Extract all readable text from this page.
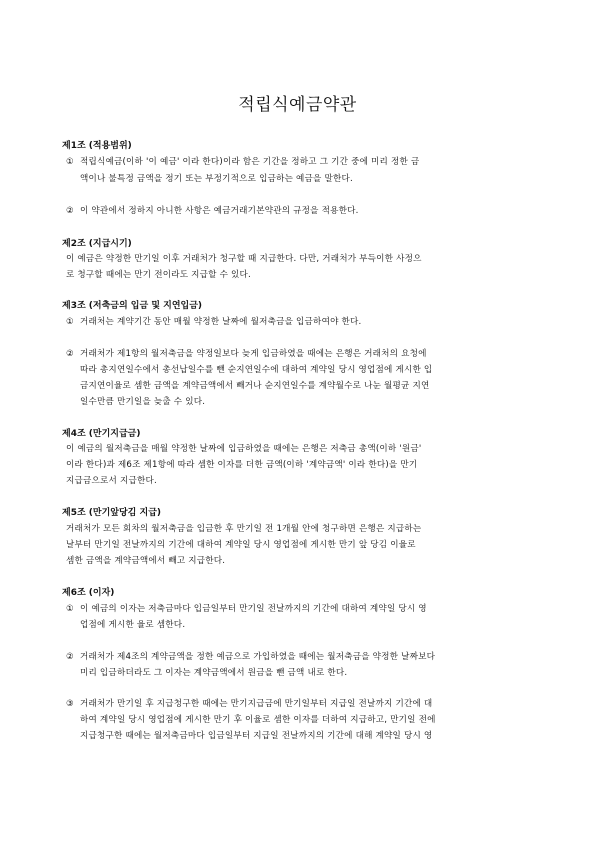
적립식예금약관
제1조 (적용범위)
① 적립식예금(이하 '이 예금' 이라 한다)이라 함은 기간을 정하고 그 기간 중에 미리 정한 금
액이나 불특정 금액을 정기 또는 부정기적으로 입금하는 예금을 말한다.
② 이 약관에서 정하지 아니한 사항은 예금거래기본약관의 규정을 적용한다.
제2조 (지급시기)
이 예금은 약정한 만기일 이후 거래처가 청구할 때 지급한다. 다만, 거래처가 부득이한 사정으
로 청구할 때에는 만기 전이라도 지급할 수 있다.
제3조 (저축금의 입금 및 지연입금)
① 거래처는 계약기간 동안 매월 약정한 날짜에 월저축금을 입금하여야 한다.
② 거래처가 제1항의 월저축금을 약정일보다 늦게 입금하였을 때에는 은행은 거래처의 요청에
따라 총지연일수에서 총선납일수를 뺀 순지연일수에 대하여 계약일 당시 영업점에 게시한 입
금지연이율로 셈한 금액을 계약금액에서 빼거나 순지연일수를 계약월수로 나눈 월평균 지연
일수만큼 만기일을 늦출 수 있다.
제4조 (만기지급금)
이 예금의 월저축금을 매월 약정한 날짜에 입금하였을 때에는 은행은 저축금 총액(이하 '원금'
이라 한다)과 제6조 제1항에 따라 셈한 이자를 더한 금액(이하 '계약금액' 이라 한다)을 만기
지급금으로서 지급한다.
제5조 (만기앞당김 지급)
거래처가 모든 회차의 월저축금을 입금한 후 만기일 전 1개월 안에 청구하면 은행은 지급하는
날부터 만기일 전날까지의 기간에 대하여 계약일 당시 영업점에 게시한 만기 앞 당김 이율로
셈한 금액을 계약금액에서 빼고 지급한다.
제6조 (이자)
① 이 예금의 이자는 저축금마다 입금일부터 만기일 전날까지의 기간에 대하여 계약일 당시 영
업점에 게시한 율로 셈한다.
② 거래처가 제4조의 계약금액을 정한 예금으로 가입하였을 때에는 월저축금을 약정한 날짜보다
미리 입금하더라도 그 이자는 계약금액에서 원금을 뺀 금액 내로 한다.
③ 거래처가 만기일 후 지급청구한 때에는 만기지급금에 만기일부터 지급일 전날까지 기간에 대
하여 계약일 당시 영업점에 게시한 만기 후 이율로 셈한 이자를 더하여 지급하고, 만기일 전에
지급청구한 때에는 월저축금마다 입금일부터 지급일 전날까지의 기간에 대해 계약일 당시 영
